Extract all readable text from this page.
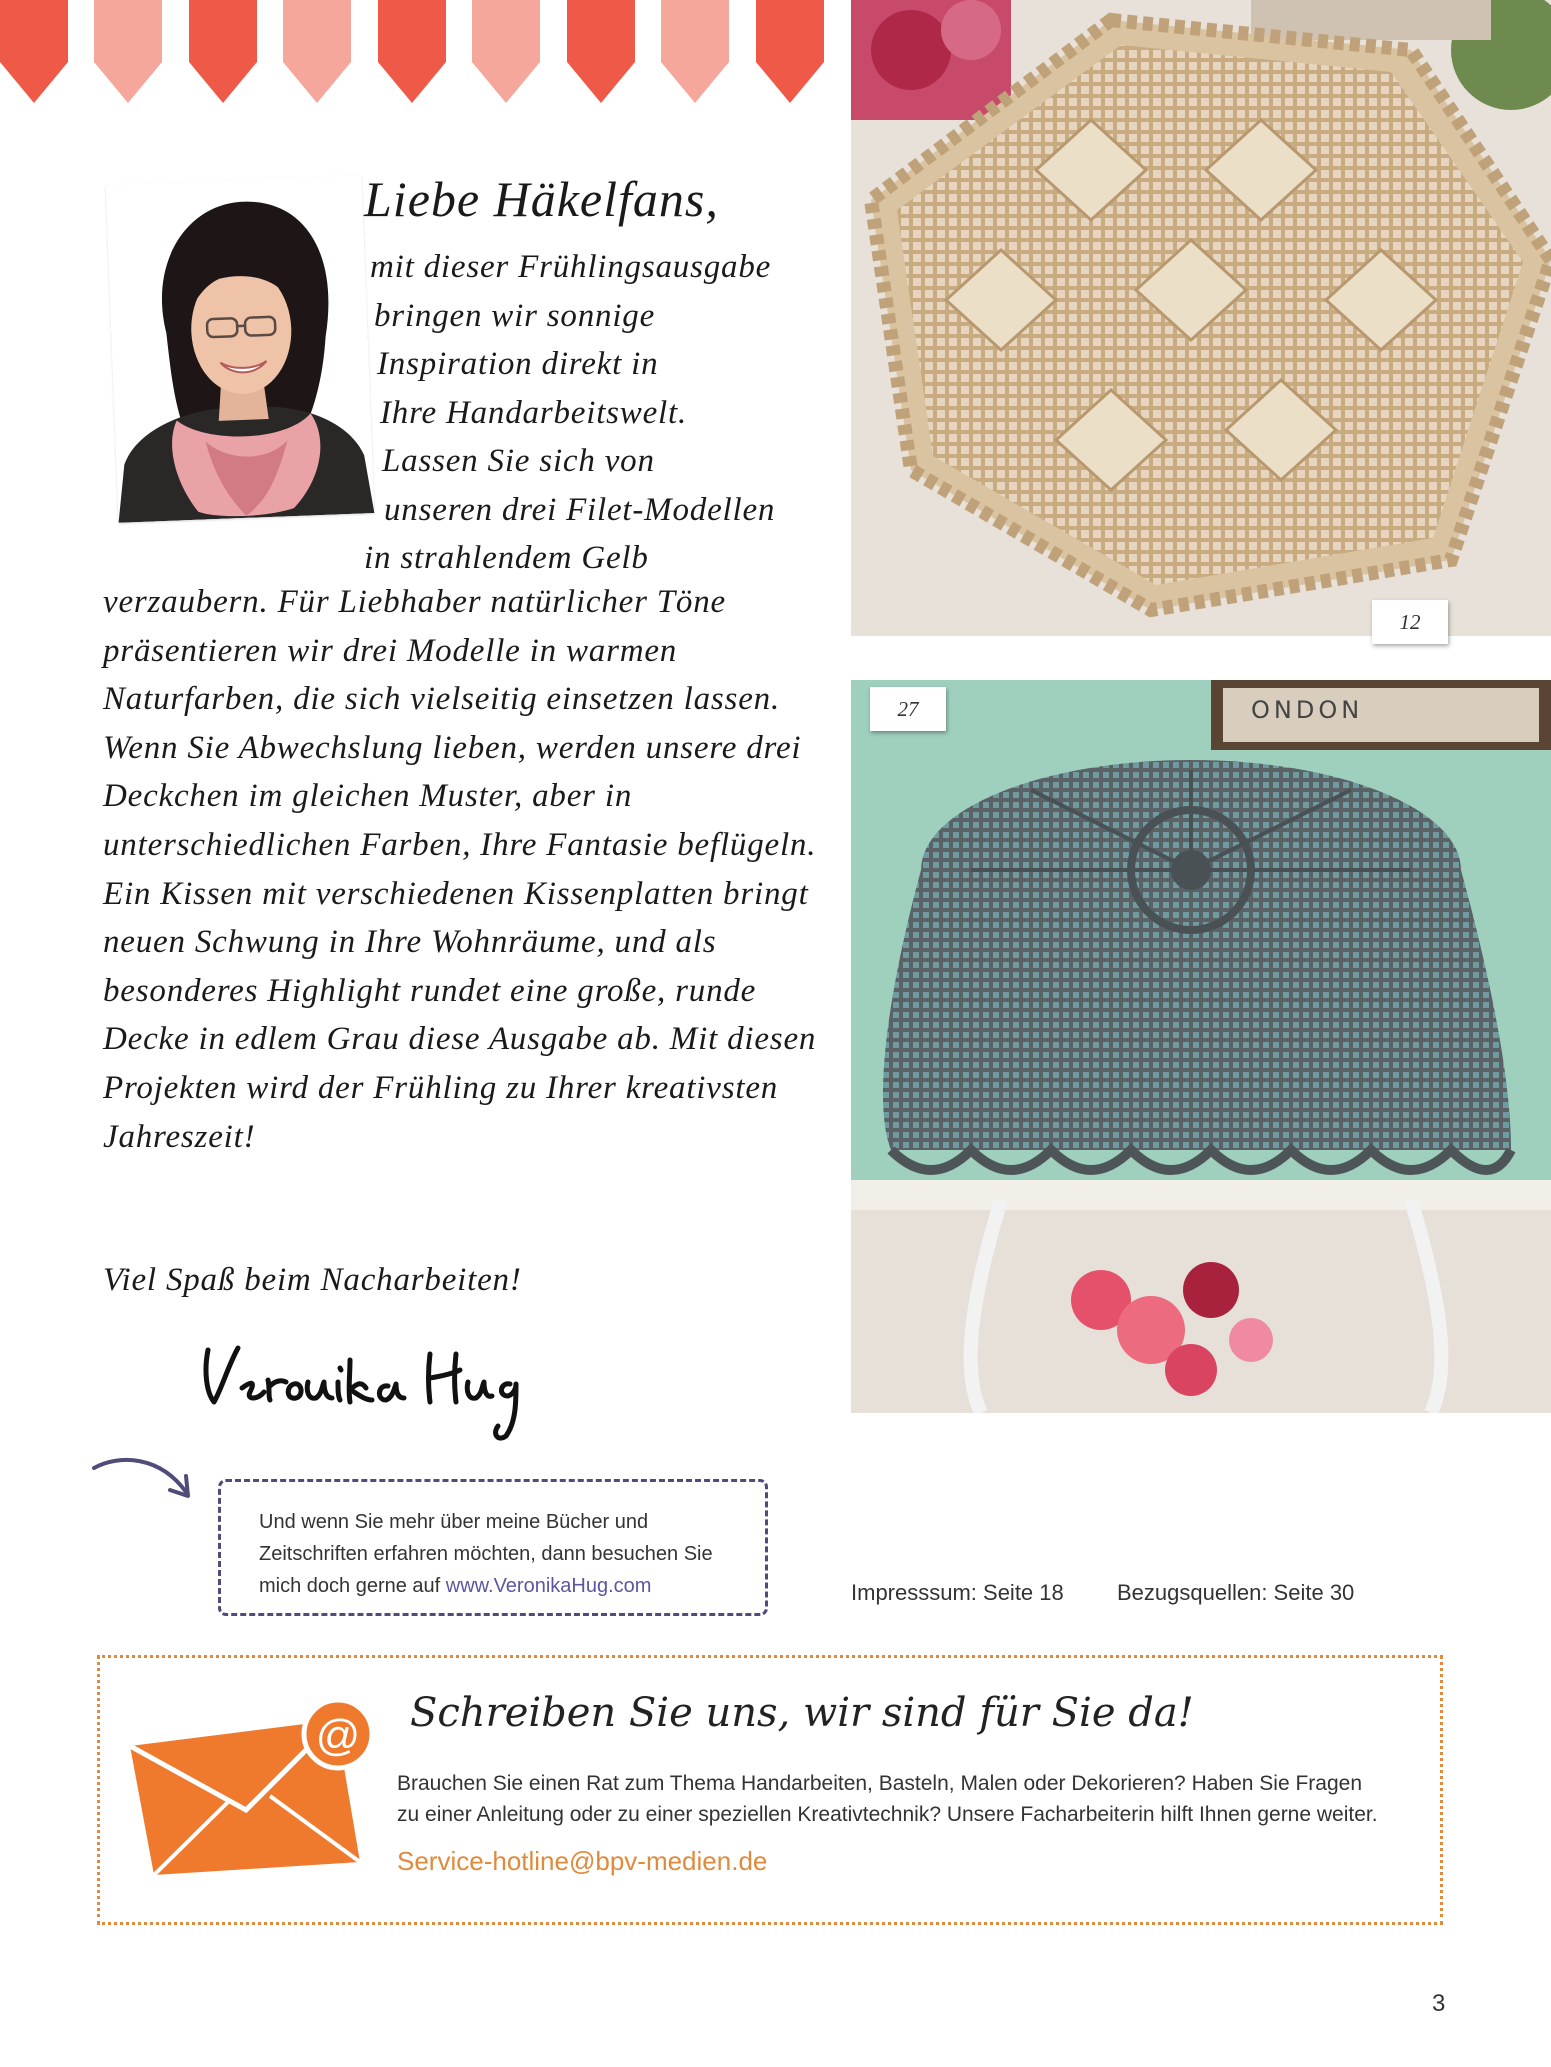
Liebe Häkelfans,
mit dieser Frühlingsausgabe
bringen wir sonnige
Inspiration direkt in
Ihre Handarbeitswelt.
Lassen Sie sich von
unseren drei Filet-Modellen
in strahlendem Gelb
verzaubern. Für Liebhaber natürlicher Töne präsentieren wir drei Modelle in warmen Naturfarben, die sich vielseitig einsetzen lassen. Wenn Sie Abwechslung lieben, werden unsere drei Deckchen im gleichen Muster, aber in unterschiedlichen Farben, Ihre Fantasie beflügeln. Ein Kissen mit verschiedenen Kissenplatten bringt neuen Schwung in Ihre Wohnräume, und als besonderes Highlight rundet eine große, runde Decke in edlem Grau diese Ausgabe ab. Mit diesen Projekten wird der Frühling zu Ihrer kreativsten Jahreszeit!
Viel Spaß beim Nacharbeiten!
Und wenn Sie mehr über meine Bücher und
Zeitschriften erfahren möchten, dann besuchen Sie
mich doch gerne auf www.VeronikaHug.com
12
ONDON
27
Impresssum: Seite 18 Bezugsquellen: Seite 30
@ Schreiben Sie uns, wir sind für Sie da!
Brauchen Sie einen Rat zum Thema Handarbeiten, Basteln, Malen oder Dekorieren? Haben Sie Fragen
zu einer Anleitung oder zu einer speziellen Kreativtechnik? Unsere Facharbeiterin hilft Ihnen gerne weiter.
Service-hotline@bpv-medien.de
3
